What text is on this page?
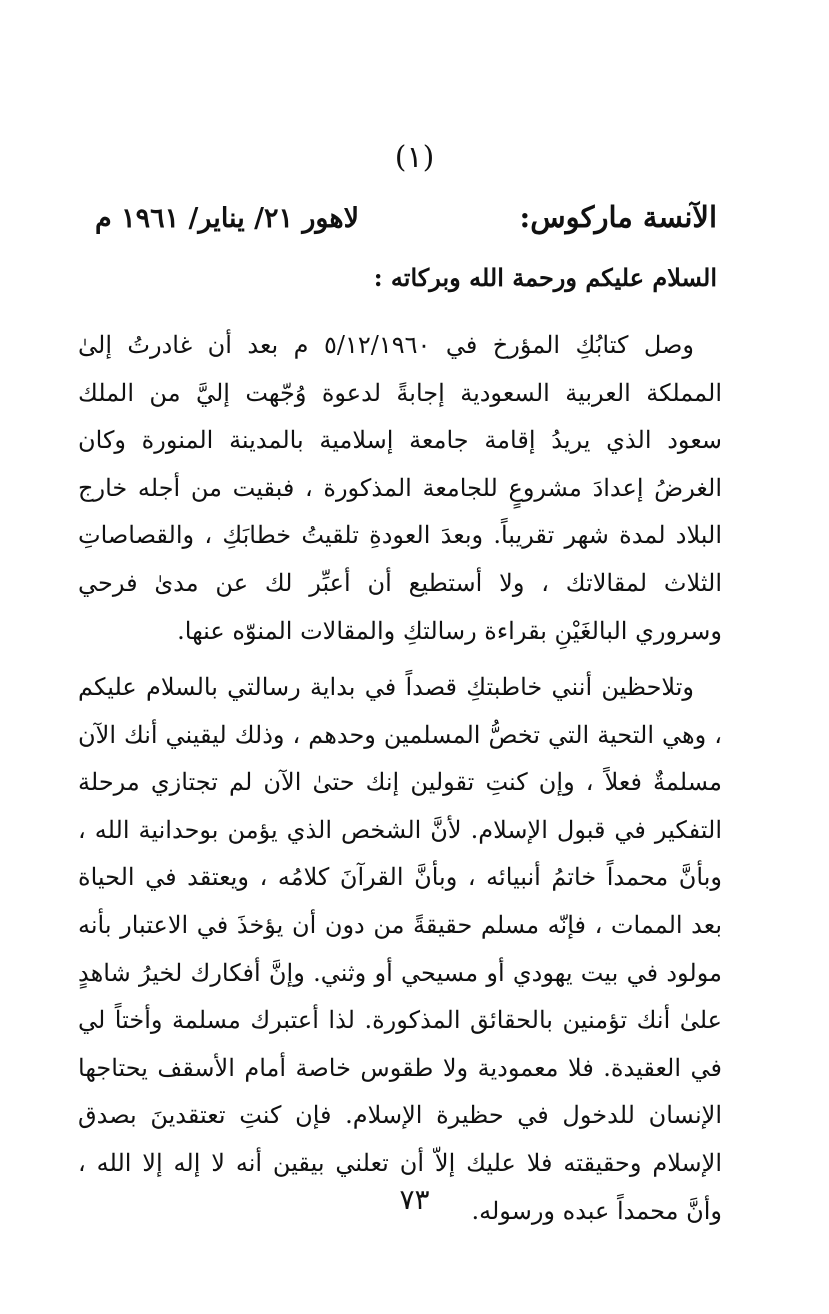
(١)
الآنسة ماركوس:
لاهور ٢١/ يناير/ ١٩٦١ م
السلام عليكم ورحمة الله وبركاته :
وصل كتابُكِ المؤرخ في ٥/١٢/١٩٦٠ م بعد أن غادرتُ إلىٰ المملكة العربية السعودية إجابةً لدعوة وُجّهت إليَّ من الملك سعود الذي يريدُ إقامة جامعة إسلامية بالمدينة المنورة وكان الغرضُ إعدادَ مشروعٍ للجامعة المذكورة ، فبقيت من أجله خارج البلاد لمدة شهر تقريباً. وبعدَ العودةِ تلقيتُ خطابَكِ ، والقصاصاتِ الثلاث لمقالاتك ، ولا أستطيع أن أعبِّر لك عن مدىٰ فرحي وسروري البالغَيْنِ بقراءة رسالتكِ والمقالات المنوّه عنها.
وتلاحظين أنني خاطبتكِ قصداً في بداية رسالتي بالسلام عليكم ، وهي التحية التي تخصُّ المسلمين وحدهم ، وذلك ليقيني أنك الآن مسلمةٌ فعلاً ، وإن كنتِ تقولين إنك حتىٰ الآن لم تجتازي مرحلة التفكير في قبول الإسلام. لأنَّ الشخص الذي يؤمن بوحدانية الله ، وبأنَّ محمداً خاتمُ أنبيائه ، وبأنَّ القرآنَ كلامُه ، ويعتقد في الحياة بعد الممات ، فإنّه مسلم حقيقةً من دون أن يؤخذَ في الاعتبار بأنه مولود في بيت يهودي أو مسيحي أو وثني. وإنَّ أفكارك لخيرُ شاهدٍ علىٰ أنك تؤمنين بالحقائق المذكورة. لذا أعتبرك مسلمة وأختاً لي في العقيدة. فلا معمودية ولا طقوس خاصة أمام الأسقف يحتاجها الإنسان للدخول في حظيرة الإسلام. فإن كنتِ تعتقدينَ بصدق الإسلام وحقيقته فلا عليك إلاّ أن تعلني بيقين أنه لا إله إلا الله ، وأنَّ محمداً عبده ورسوله.
٧٣
